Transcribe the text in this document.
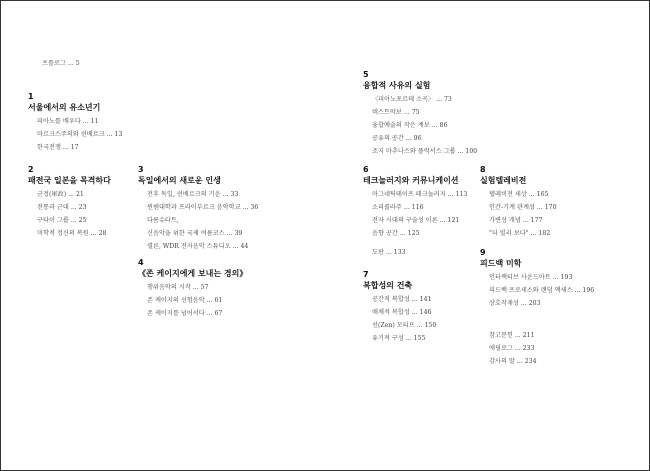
프롤로그 ... 5
1
서울에서의 유소년기
피아노를 배우다 ... 11
마르크스주의와 쉰베르크 ... 13
한국전쟁 ... 17
2
패전국 일본을 목격하다
군정(軍政) ... 21
전통과 근대 ... 23
구타이 그룹 ... 25
미학적 정신의 복원 ... 28
3
독일에서의 새로운 인생
전후 독일, 쉰베르크의 기운 ... 33
뮌헨대학과 프라이부르크 음악학교 ... 36
다름슈타트,
신음악을 위한 국제 여름코스 ... 39
쾰른, WDR 전자음악 스튜디오 ... 44
4
《존 케이지에게 보내는 경의》
행위음악의 시작 ... 57
존 케이지의 선험음악 ... 61
존 케이지를 넘어서다 ... 67
5
융합적 사유의 실험
〈피아노포르테 소곡〉 ... 73
텍스트악보 ... 75
융합예술의 작은 계보 ... 86
공유의 공간 ... 96
조지 마추나스와 플럭서스 그룹 ... 100
6
테크놀러지와 커뮤니케이션
마그네틱테이프 테크놀러지 ... 113
소리콜라주 ... 116
전자 시대의 구술성 이론 ... 121
음향 공간 ... 125
도판 ... 133
7
복합성의 건축
공간적 복합성 ... 141
매체적 복합성 ... 146
선(Zen) 모티프 ... 150
유기적 구성 ... 155
8
실험텔레비전
텔레비전 세상 ... 165
인간-기계 관계성 ... 170
가변성 개념 ... 177
"더 빌리 보다" ... 182
9
피드백 미학
인터랙티브 사운드아트 ... 193
피드백 프로세스와 랜덤 액세스 ... 196
상호작재성 ... 203
참고문헌 ... 211
에필로그 ... 233
감사의 말 ... 234
